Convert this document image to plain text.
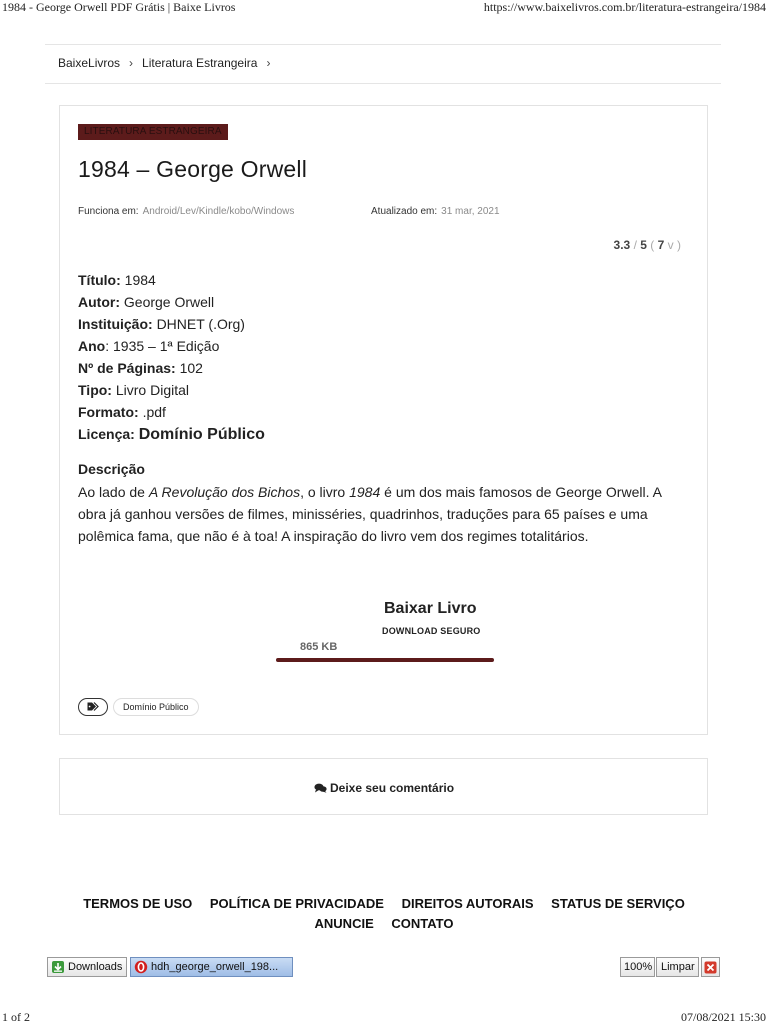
1984 - George Orwell PDF Grátis | Baixe Livros	https://www.baixelivros.com.br/literatura-estrangeira/1984
BaixeLivros › Literatura Estrangeira ›
LITERATURA ESTRANGEIRA
1984 – George Orwell
Funciona em: Android/Lev/Kindle/kobo/Windows	Atualizado em: 31 mar, 2021
3.3 / 5 ( 7 v )
Título: 1984
Autor: George Orwell
Instituição: DHNET (.Org)
Ano: 1935 – 1ª Edição
Nº de Páginas: 102
Tipo: Livro Digital
Formato: .pdf
Licença: Domínio Público
Descrição

Ao lado de A Revolução dos Bichos, o livro 1984 é um dos mais famosos de George Orwell. A obra já ganhou versões de filmes, minisséries, quadrinhos, traduções para 65 países e uma polêmica fama, que não é à toa! A inspiração do livro vem dos regimes totalitários.

Baixar Livro
DOWNLOAD SEGURO
865 KB
Domínio Público
Deixe seu comentário
TERMOS DE USO POLÍTICA DE PRIVACIDADE DIREITOS AUTORAIS STATUS DE SERVIÇO
ANUNCIE CONTATO
Downloads	hdh_george_orwell_198...	100% Limpar
1 of 2	07/08/2021 15:30
